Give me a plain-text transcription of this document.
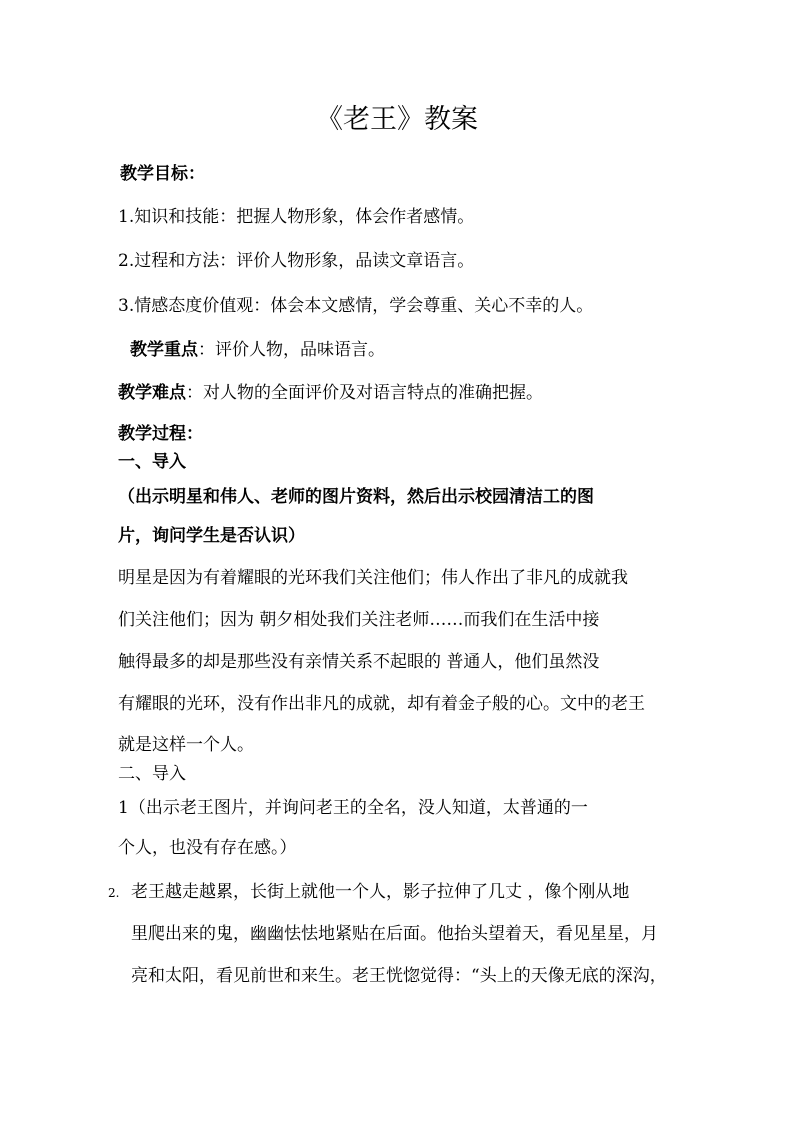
《老王》教案
教学目标：
1.知识和技能：把握人物形象，体会作者感情。
2.过程和方法：评价人物形象，品读文章语言。
3.情感态度价值观：体会本文感情，学会尊重、关心不幸的人。
教学重点：评价人物，品味语言。
教学难点：对人物的全面评价及对语言特点的准确把握。
教学过程：
一、导入
（出示明星和伟人、老师的图片资料，然后出示校园清洁工的图
片，询问学生是否认识）
明星是因为有着耀眼的光环我们关注他们；伟人作出了非凡的成就我
们关注他们；因为 朝夕相处我们关注老师……而我们在生活中接
触得最多的却是那些没有亲情关系不起眼的 普通人，他们虽然没
有耀眼的光环，没有作出非凡的成就，却有着金子般的心。文中的老王
就是这样一个人。
二、导入
1（出示老王图片，并询问老王的全名，没人知道，太普通的一
个人，也没有存在感。）
2. 老王越走越累，长街上就他一个人，影子拉伸了几丈 ，像个刚从地
里爬出来的鬼，幽幽怯怯地紧贴在后面。他抬头望着天，看见星星，月
亮和太阳，看见前世和来生。老王恍惚觉得：“头上的天像无底的深沟，
